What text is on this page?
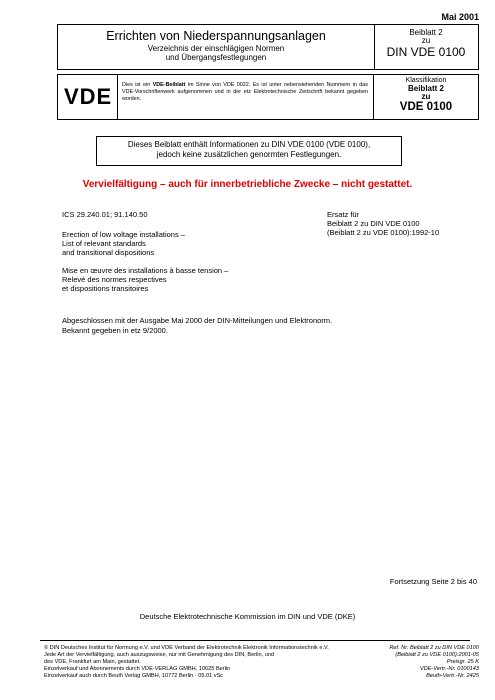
Mai 2001
Errichten von Niederspannungsanlagen
Verzeichnis der einschlägigen Normen
und Übergangsfestlegungen
Beiblatt 2
zu
DIN VDE 0100
VDE	Dies ist ein VDE-Beiblatt im Sinne von VDE 0022. Es ist unter nebenstehenden Nummern in das VDE-Vorschriftenwerk aufgenommen und in der etz Elektrotechnische Zeitschrift bekannt gegeben worden.
Klassifikation
Beiblatt 2
zu
VDE 0100
Dieses Beiblatt enthält Informationen zu DIN VDE 0100 (VDE 0100),
jedoch keine zusätzlichen genormten Festlegungen.
Vervielfältigung – auch für innerbetriebliche Zwecke – nicht gestattet.
ICS 29.240.01; 91.140.50	Ersatz für
Beiblatt 2 zu DIN VDE 0100
(Beiblatt 2 zu VDE 0100):1992-10
Erection of low voltage installations –
List of relevant standards
and transitional dispositions
Mise en œuvre des installations à basse tension –
Relevé des normes respectives
et dispositions transitoires
Abgeschlossen mit der Ausgabe Mai 2000 der DIN-Mitteilungen und Elektronorm.
Bekannt gegeben in etz 9/2000.
Fortsetzung Seite 2 bis 40
Deutsche Elektrotechnische Kommission im DIN und VDE (DKE)
© DIN Deutsches Institut für Normung e.V. und VDE Verband der Elektrotechnik Elektronik Informationstechnik e.V.
Jede Art der Vervielfältigung, auch auszugsweise, nur mit Genehmigung des DIN, Berlin, und
des VDE, Frankfurt am Main, gestattet.
Einzelverkauf und Abonnements durch VDE-VERLAG GMBH, 10625 Berlin
Einzelverkauf auch durch Beuth Verlag GMBH, 10772 Berlin · 05.01 vSc
Ref. Nr. Beiblatt 2 zu DIN VDE 0100
(Beiblatt 2 zu VDE 0100):2001-05
Preisgr. 25 K
VDE-Vertr.-Nr. 0100143
Beuth-Vertr.-Nr. 2425
